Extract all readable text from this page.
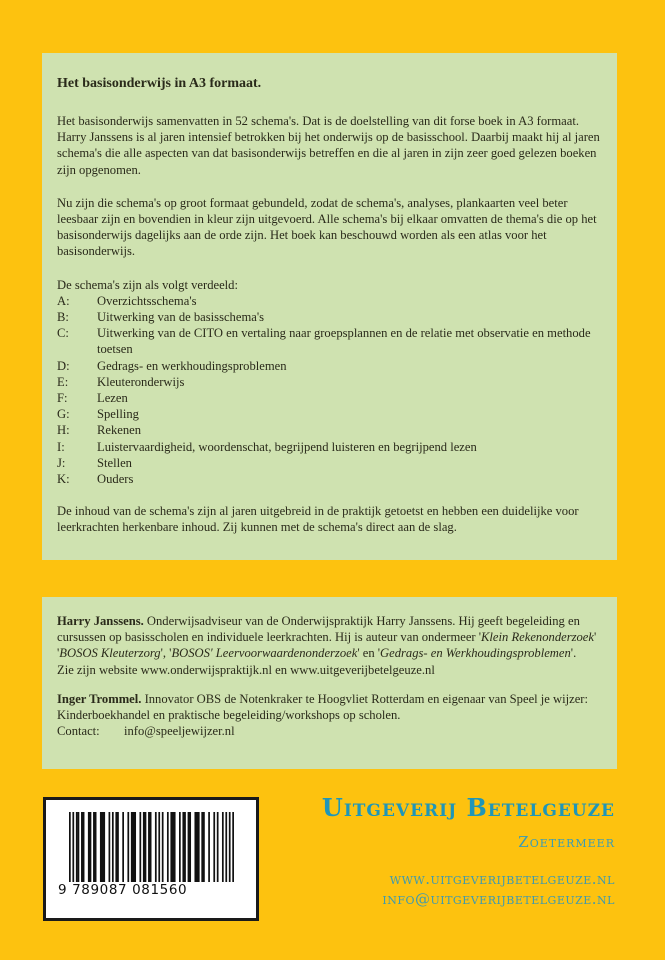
Het basisonderwijs in A3 formaat.

Het basisonderwijs samenvatten in 52 schema's. Dat is de doelstelling van dit forse boek in A3 formaat. Harry Janssens is al jaren intensief betrokken bij het onderwijs op de basisschool. Daarbij maakt hij al jaren schema's die alle aspecten van dat basisonderwijs betreffen en die al jaren in zijn zeer goed gelezen boeken zijn opgenomen.

Nu zijn die schema's op groot formaat gebundeld, zodat de schema's, analyses, plankaarten veel beter leesbaar zijn en bovendien in kleur zijn uitgevoerd. Alle schema's bij elkaar omvatten de thema's die op het basisonderwijs dagelijks aan de orde zijn. Het boek kan beschouwd worden als een atlas voor het basisonderwijs.

De schema's zijn als volgt verdeeld:

A:	Overzichtsschema's
B:	Uitwerking van de basisschema's
C:	Uitwerking van de CITO en vertaling naar groepsplannen en de relatie met observatie en methode toetsen
D:	Gedrags- en werkhoudingsproblemen
E:	Kleuteronderwijs
F:	Lezen
G:	Spelling
H:	Rekenen
I:	Luistervaardigheid, woordenschat, begrijpend luisteren en begrijpend lezen
J:	Stellen
K:	Ouders

De inhoud van de schema's zijn al jaren uitgebreid in de praktijk getoetst en hebben een duidelijke voor leerkrachten herkenbare inhoud. Zij kunnen met de schema's direct aan de slag.

Harry Janssens. Onderwijsadviseur van de Onderwijspraktijk Harry Janssens. Hij geeft begeleiding en cursussen op basisscholen en individuele leerkrachten. Hij is auteur van ondermeer 'Klein Rekenonderzoek' 'BOSOS Kleuterzorg', 'BOSOS' Leervoorwaardenonderzoek' en 'Gedrags- en Werkhoudingsproblemen'.
Zie zijn website www.onderwijspraktijk.nl en www.uitgeverijbetelgeuze.nl

Inger Trommel. Innovator OBS de Notenkraker te Hoogvliet Rotterdam en eigenaar van Speel je wijzer: Kinderboekhandel en praktische begeleiding/workshops op scholen.

Contact:	info@speeljewijzer.nl
9 789087 081560
Uitgeverij Betelgeuze
Zoetermeer
www.uitgeverijbetelgeuze.nl
info@uitgeverijbetelgeuze.nl
